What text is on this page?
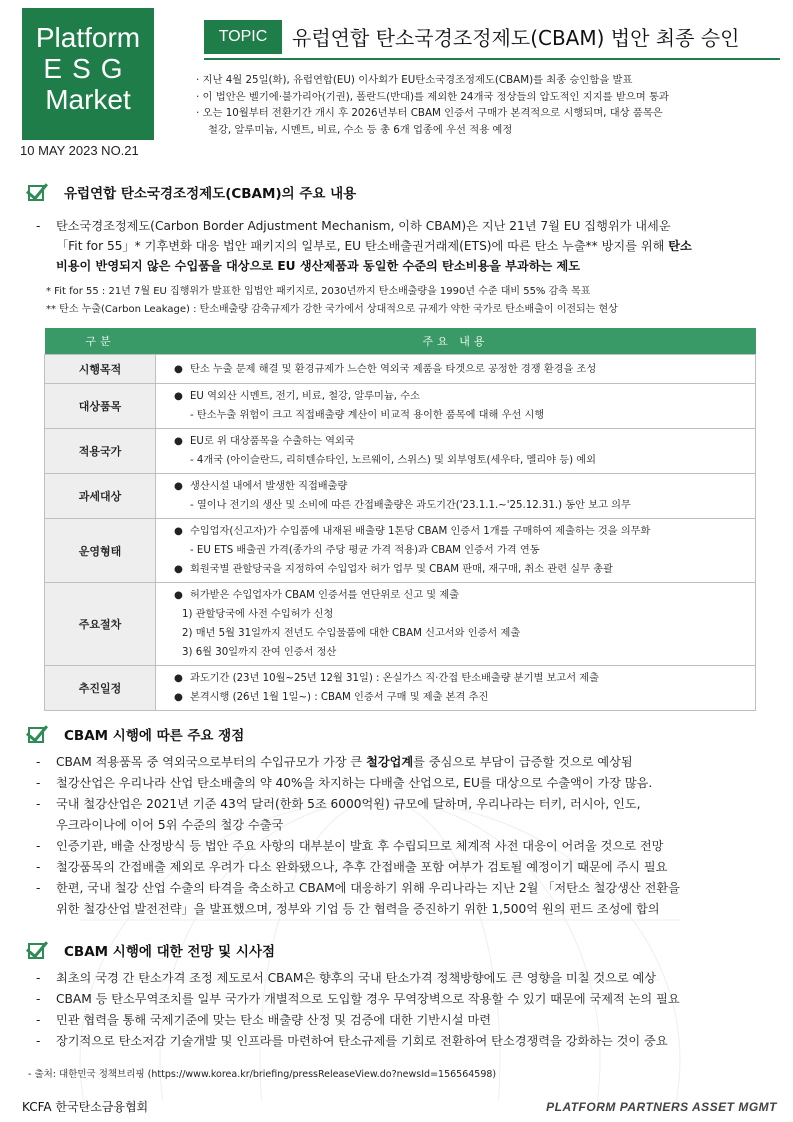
Platform
ESG
Market
10 MAY 2023 NO.21
TOPIC	유럽연합 탄소국경조정제도(CBAM) 법안 최종 승인
· 지난 4월 25일(화), 유럽연합(EU) 이사회가 EU탄소국경조정제도(CBAM)를 최종 승인함을 발표
· 이 법안은 벨기에·불가리아(기권), 폴란드(반대)를 제외한 24개국 정상들의 압도적인 지지를 받으며 통과
· 오는 10월부터 전환기간 개시 후 2026년부터 CBAM 인증서 구매가 본격적으로 시행되며, 대상 품목은
철강, 알루미늄, 시멘트, 비료, 수소 등 총 6개 업종에 우선 적용 예정
유럽연합 탄소국경조정제도(CBAM)의 주요 내용
- 탄소국경조정제도(Carbon Border Adjustment Mechanism, 이하 CBAM)은 지난 21년 7월 EU 집행위가 내세운
「Fit for 55」* 기후변화 대응 법안 패키지의 일부로, EU 탄소배출권거래제(ETS)에 따른 탄소 누출** 방지를 위해 탄소
비용이 반영되지 않은 수입품을 대상으로 EU 생산제품과 동일한 수준의 탄소비용을 부과하는 제도
* Fit for 55 : 21년 7월 EU 집행위가 발표한 입법안 패키지로, 2030년까지 탄소배출량을 1990년 수준 대비 55% 감축 목표
** 탄소 누출(Carbon Leakage) : 탄소배출량 감축규제가 강한 국가에서 상대적으로 규제가 약한 국가로 탄소배출이 이전되는 현상
구분	주요 내용
시행목적	● 탄소 누출 문제 해결 및 환경규제가 느슨한 역외국 제품을 타겟으로 공정한 경쟁 환경을 조성

대상품목	● EU 역외산 시멘트, 전기, 비료, 철강, 알루미늄, 수소
- 탄소누출 위험이 크고 직접배출량 계산이 비교적 용이한 품목에 대해 우선 시행

적용국가	● EU로 위 대상품목을 수출하는 역외국
- 4개국 (아이슬란드, 리히텐슈타인, 노르웨이, 스위스) 및 외부영토(세우타, 멜리야 등) 예외

과세대상	● 생산시설 내에서 발생한 직접배출량
- 열이나 전기의 생산 및 소비에 따른 간접배출량은 과도기간('23.1.1.~'25.12.31.) 동안 보고 의무

운영형태	● 수입업자(신고자)가 수입품에 내재된 배출량 1톤당 CBAM 인증서 1개를 구매하여 제출하는 것을 의무화
- EU ETS 배출권 가격(종가의 주당 평균 가격 적용)과 CBAM 인증서 가격 연동
● 회원국별 관할당국을 지정하여 수입업자 허가 업무 및 CBAM 판매, 재구매, 취소 관련 실무 총괄

주요절차	● 허가받은 수입업자가 CBAM 인증서를 연단위로 신고 및 제출
1) 관할당국에 사전 수입허가 신청
2) 매년 5월 31일까지 전년도 수입물품에 대한 CBAM 신고서와 인증서 제출
3) 6월 30일까지 잔여 인증서 정산

추진일정	● 과도기간 (23년 10월~25년 12월 31일) : 온실가스 직·간접 탄소배출량 분기별 보고서 제출
● 본격시행 (26년 1월 1일~) : CBAM 인증서 구매 및 제출 본격 추진
CBAM 시행에 따른 주요 쟁점
- CBAM 적용품목 중 역외국으로부터의 수입규모가 가장 큰 철강업계를 중심으로 부담이 급증할 것으로 예상됨
- 철강산업은 우리나라 산업 탄소배출의 약 40%을 차지하는 다배출 산업으로, EU를 대상으로 수출액이 가장 많음.
- 국내 철강산업은 2021년 기준 43억 달러(한화 5조 6000억원) 규모에 달하며, 우리나라는 터키, 러시아, 인도,
우크라이나에 이어 5위 수준의 철강 수출국
- 인증기관, 배출 산정방식 등 법안 주요 사항의 대부분이 발효 후 수립되므로 체계적 사전 대응이 어려울 것으로 전망
- 철강품목의 간접배출 제외로 우려가 다소 완화됐으나, 추후 간접배출 포함 여부가 검토될 예정이기 때문에 주시 필요
- 한편, 국내 철강 산업 수출의 타격을 축소하고 CBAM에 대응하기 위해 우리나라는 지난 2월 「저탄소 철강생산 전환을
위한 철강산업 발전전략」을 발표했으며, 정부와 기업 등 간 협력을 증진하기 위한 1,500억 원의 펀드 조성에 합의
CBAM 시행에 대한 전망 및 시사점
- 최초의 국경 간 탄소가격 조정 제도로서 CBAM은 향후의 국내 탄소가격 정책방향에도 큰 영향을 미칠 것으로 예상
- CBAM 등 탄소무역조치를 일부 국가가 개별적으로 도입할 경우 무역장벽으로 작용할 수 있기 때문에 국제적 논의 필요
- 민관 협력을 통해 국제기준에 맞는 탄소 배출량 산정 및 검증에 대한 기반시설 마련
- 장기적으로 탄소저감 기술개발 및 인프라를 마련하여 탄소규제를 기회로 전환하여 탄소경쟁력을 강화하는 것이 중요
- 출처: 대한민국 정책브리핑 (https://www.korea.kr/briefing/pressReleaseView.do?newsId=156564598)
KCFA 한국탄소금융협회	PLATFORM PARTNERS ASSET MGMT
